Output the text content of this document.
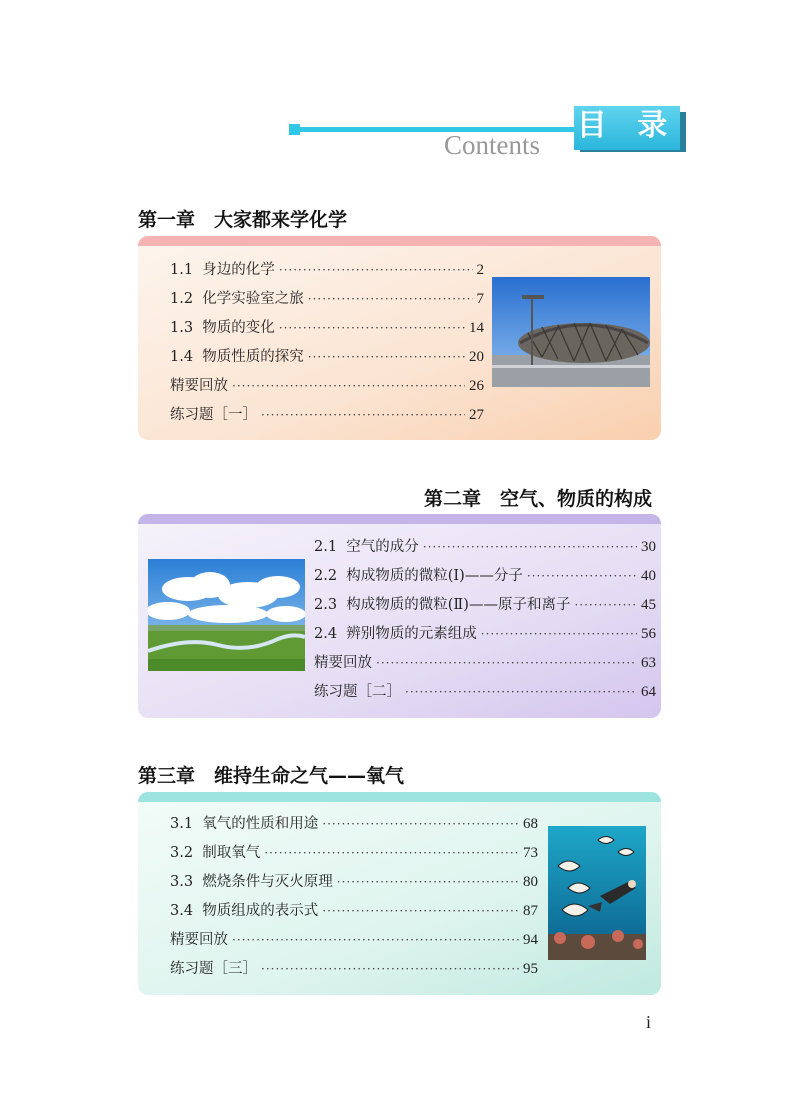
目 录
Contents
第一章　大家都来学化学
1.1  身边的化学 ·····	2
1.2  化学实验室之旅 ·····	7
1.3  物质的变化 ·····	14
1.4  物质性质的探究 ·····	20
精要回放 ·····	26
练习题［一］ ·····	27
第二章　空气、物质的构成
2.1  空气的成分 ·····	30
2.2  构成物质的微粒(Ⅰ)——分子 ·····	40
2.3  构成物质的微粒(Ⅱ)——原子和离子 ·····	45
2.4  辨别物质的元素组成 ·····	56
精要回放 ·····	63
练习题［二］ ·····	64
第三章　维持生命之气——氧气
3.1  氧气的性质和用途 ·····	68
3.2  制取氧气 ·····	73
3.3  燃烧条件与灭火原理 ·····	80
3.4  物质组成的表示式 ·····	87
精要回放 ·····	94
练习题［三］ ·····	95
i
